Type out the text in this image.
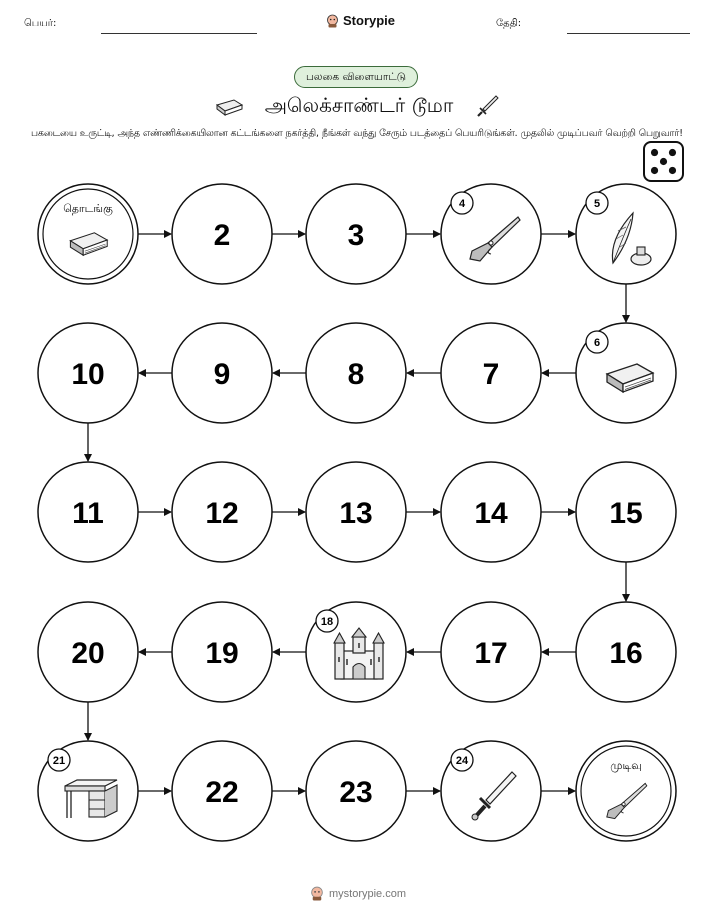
பெயர்:	Storypie	தேதி:
பலகை விளையாட்டு
அலெக்சாண்டர் டூமா
பகடையை உருட்டி, அந்த எண்ணிக்கையிலான கட்டங்களை நகர்த்தி, நீங்கள் வந்து சேரும் படத்தைப் பெயரிடுங்கள். முதலில் முடிப்பவர் வெற்றி பெறுவார்!
தொடங்கு
2	3
4	5
6
7
8
9
10
11	12	13	14	15
16
17
18
19
20
21
22	23
24	முடிவு
mystorypie.com
